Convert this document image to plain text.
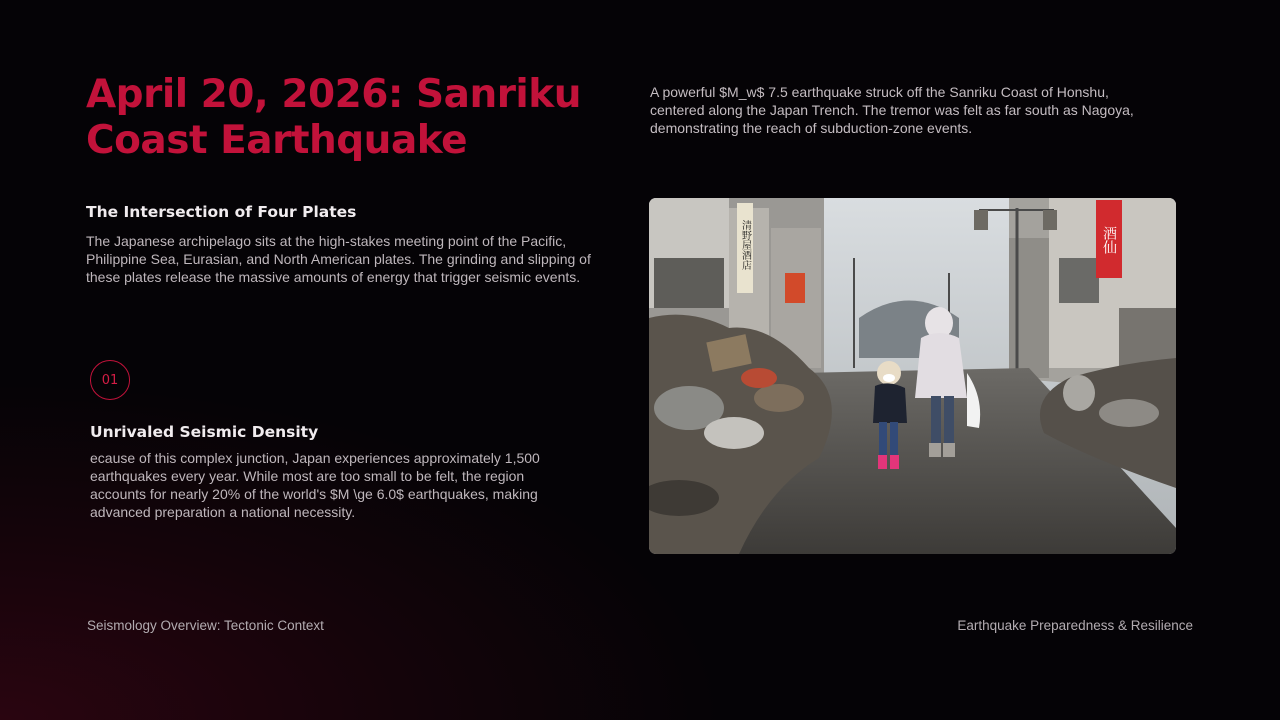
April 20, 2026: Sanriku Coast Earthquake

A powerful $M_w$ 7.5 earthquake struck off the Sanriku Coast of Honshu, centered along the Japan Trench. The tremor was felt as far south as Nagoya, demonstrating the reach of subduction-zone events.

The Intersection of Four Plates

The Japanese archipelago sits at the high-stakes meeting point of the Pacific, Philippine Sea, Eurasian, and North American plates. The grinding and slipping of these plates release the massive amounts of energy that trigger seismic events.

01
Unrivaled Seismic Density

ecause of this complex junction, Japan experiences approximately 1,500 earthquakes every year. While most are too small to be felt, the region accounts for nearly 20% of the world's $M \ge 6.0$ earthquakes, making advanced preparation a national necessity.

清野屋酒店	酒仙

Seismology Overview: Tectonic Context	Earthquake Preparedness & Resilience
